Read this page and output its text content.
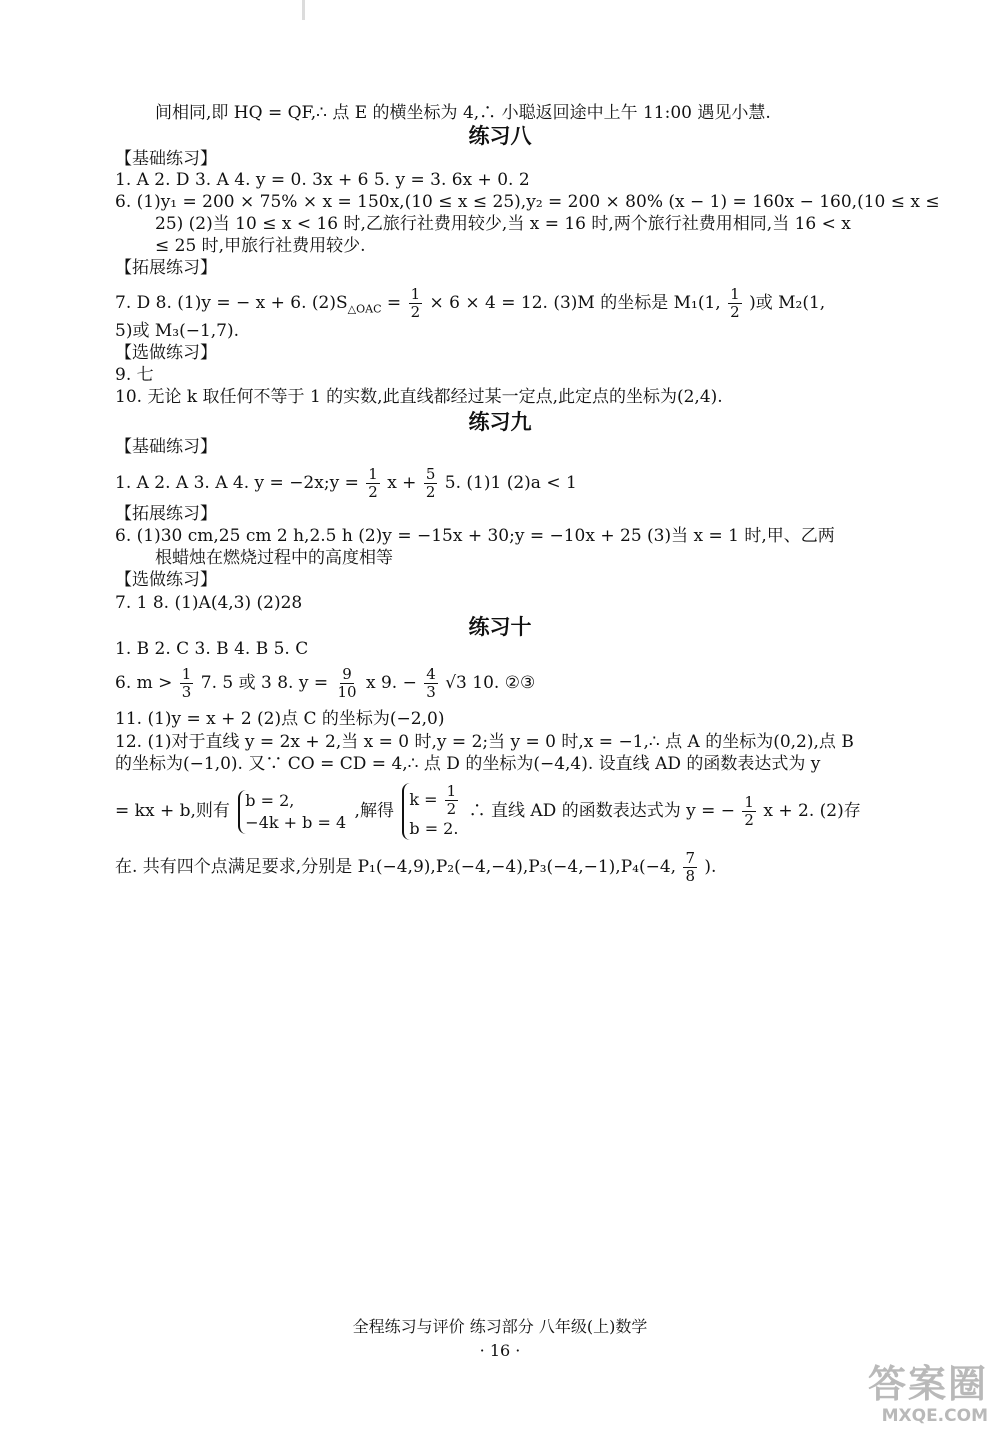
间相同,即 HQ = QF,∴ 点 E 的横坐标为 4,∴ 小聪返回途中上午 11:00 遇见小慧.
练习八
【基础练习】
1. A 2. D 3. A 4. y = 0. 3x + 6 5. y = 3. 6x + 0. 2
6. (1)y₁ = 200 × 75% × x = 150x,(10 ≤ x ≤ 25),y₂ = 200 × 80% (x − 1) = 160x − 160,(10 ≤ x ≤
25) (2)当 10 ≤ x < 16 时,乙旅行社费用较少,当 x = 16 时,两个旅行社费用相同,当 16 < x
≤ 25 时,甲旅行社费用较少.
【拓展练习】
7. D 8. (1)y = − x + 6. $(2)S_{\triangle OAC} = \frac{1}{2} \times 6 \times 4 = 12$. (3)M 的坐标是 M₁(1, $\frac{1}{2}$ )或 M₂(1,
5)或 M₃(−1,7).
【选做练习】
9. 七
10. 无论 k 取任何不等于 1 的实数,此直线都经过某一定点,此定点的坐标为(2,4).
练习九
【基础练习】
1. A 2. A 3. A 4. y = −2x;y = $\frac{1}{2}$ $x + \frac{5}{2} 5$. (1)1 (2)a < 1
【拓展练习】
6. (1)30 cm,25 cm 2 h,2.5 h (2)y = −15x + 30;y = −10x + 25 (3)当 x = 1 时,甲、乙两
根蜡烛在燃烧过程中的高度相等
【选做练习】
7. 1 8. (1)A(4,3) (2)28
练习十
1. B 2. C 3. B 4. B 5. C
6. $m > \frac{1}{3} 7$. 5 或 3 8. $y = \frac{9}{10}$ x 9. − $\frac{4}{3} √3$ 10. ②③
11. (1)y = x + 2 (2)点 C 的坐标为(−2,0)
12. (1)对于直线 y = 2x + 2,当 x = 0 时,y = 2;当 y = 0 时,x = −1,∴ 点 A 的坐标为(0,2),点 B
的坐标为(−1,0). 又∵ CO = CD = 4,∴ 点 D 的坐标为(−4,4). 设直线 AD 的函数表达式为 y
= kx + b,则有
b = 2,
−4k + b = 4
,解得
$k = \frac{1}{2}$
b = 2.
∴ 直线 AD 的函数表达式为 y = − $\frac{1}{2}$ x + 2. (2)存
在. 共有四个点满足要求,分别是 P₁(−4,9),P₂(−4,−4),P₃(−4,−1),P₄(−4, $\frac{7}{8}$ ).
全程练习与评价 练习部分 八年级(上)数学
· 16 ·
答案圈
MXQE.COM
